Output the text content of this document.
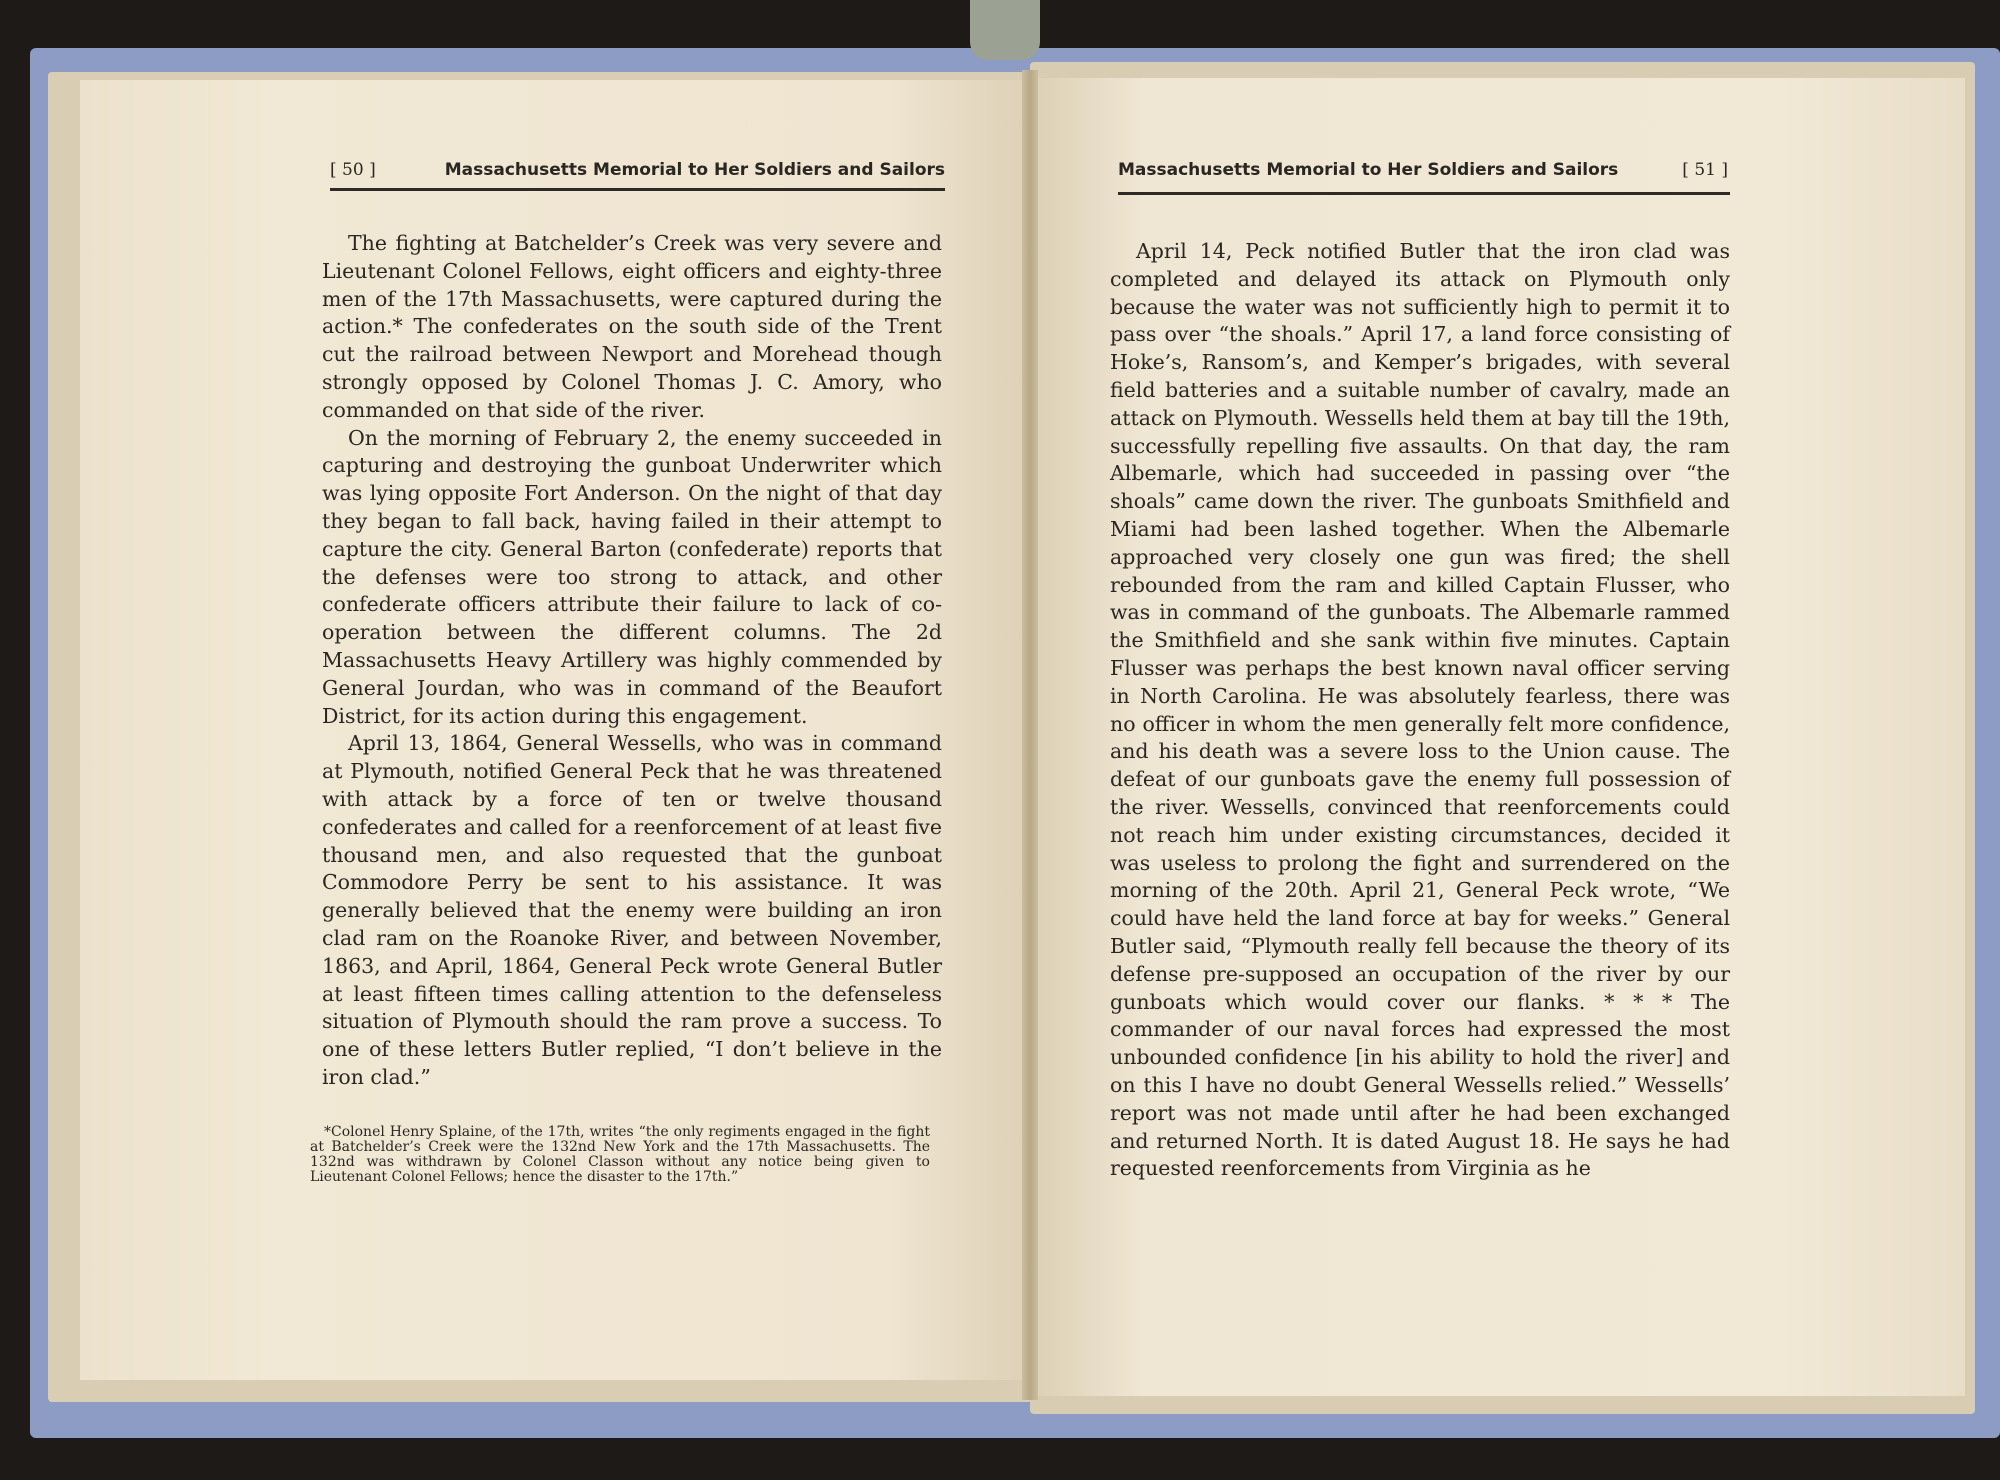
[ 50 ]	Massachusetts Memorial to Her Soldiers and Sailors

The fighting at Batchelder’s Creek was very severe and Lieutenant Colonel Fellows, eight officers and eighty-three men of the 17th Massachusetts, were captured during the action.* The confederates on the south side of the Trent cut the railroad between Newport and Morehead though strongly opposed by Colonel Thomas J. C. Amory, who commanded on that side of the river.

On the morning of February 2, the enemy succeeded in capturing and destroying the gunboat Underwriter which was lying opposite Fort Anderson. On the night of that day they began to fall back, having failed in their attempt to capture the city. General Barton (confederate) reports that the defenses were too strong to attack, and other confederate officers attribute their failure to lack of co-operation between the different columns. The 2d Massachusetts Heavy Artillery was highly commended by General Jourdan, who was in command of the Beaufort District, for its action during this engagement.

April 13, 1864, General Wessells, who was in command at Plymouth, notified General Peck that he was threatened with attack by a force of ten or twelve thousand confederates and called for a reenforcement of at least five thousand men, and also requested that the gunboat Commodore Perry be sent to his assistance. It was generally believed that the enemy were building an iron clad ram on the Roanoke River, and between November, 1863, and April, 1864, General Peck wrote General Butler at least fifteen times calling attention to the defenseless situation of Plymouth should the ram prove a success. To one of these letters Butler replied, “I don’t believe in the iron clad.”

*Colonel Henry Splaine, of the 17th, writes “the only regiments engaged in the fight at Batchelder’s Creek were the 132nd New York and the 17th Massachusetts. The 132nd was withdrawn by Colonel Classon without any notice being given to Lieutenant Colonel Fellows; hence the disaster to the 17th.”

Massachusetts Memorial to Her Soldiers and Sailors	[ 51 ]

April 14, Peck notified Butler that the iron clad was completed and delayed its attack on Plymouth only because the water was not sufficiently high to permit it to pass over “the shoals.” April 17, a land force consisting of Hoke’s, Ransom’s, and Kemper’s brigades, with several field batteries and a suitable number of cavalry, made an attack on Plymouth. Wessells held them at bay till the 19th, successfully repelling five assaults. On that day, the ram Albemarle, which had succeeded in passing over “the shoals” came down the river. The gunboats Smithfield and Miami had been lashed together. When the Albemarle approached very closely one gun was fired; the shell rebounded from the ram and killed Captain Flusser, who was in command of the gunboats. The Albemarle rammed the Smithfield and she sank within five minutes. Captain Flusser was perhaps the best known naval officer serving in North Carolina. He was absolutely fearless, there was no officer in whom the men generally felt more confidence, and his death was a severe loss to the Union cause. The defeat of our gunboats gave the enemy full possession of the river. Wessells, convinced that reenforcements could not reach him under existing circumstances, decided it was useless to prolong the fight and surrendered on the morning of the 20th. April 21, General Peck wrote, “We could have held the land force at bay for weeks.” General Butler said, “Plymouth really fell because the theory of its defense pre-supposed an occupation of the river by our gunboats which would cover our flanks. * * * The commander of our naval forces had expressed the most unbounded confidence [in his ability to hold the river] and on this I have no doubt General Wessells relied.” Wessells’ report was not made until after he had been exchanged and returned North. It is dated August 18. He says he had requested reenforcements from Virginia as he
